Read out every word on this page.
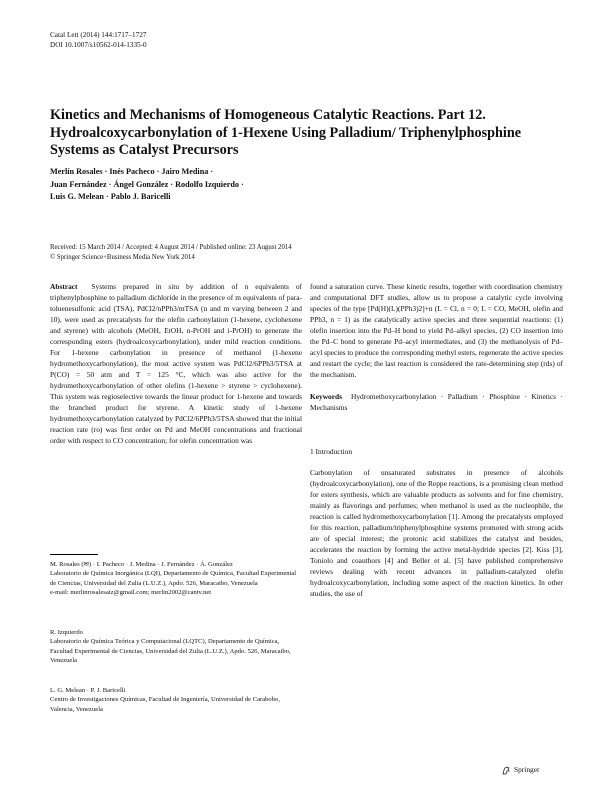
Catal Lett (2014) 144:1717–1727
DOI 10.1007/s10562-014-1335-0
Kinetics and Mechanisms of Homogeneous Catalytic Reactions. Part 12. Hydroalcoxycarbonylation of 1-Hexene Using Palladium/ Triphenylphosphine Systems as Catalyst Precursors
Merlín Rosales · Inés Pacheco · Jairo Medina ·
Juan Fernández · Ángel González · Rodolfo Izquierdo ·
Luis G. Melean · Pablo J. Baricelli
Received: 15 March 2014 / Accepted: 4 August 2014 / Published online: 23 August 2014
© Springer Science+Business Media New York 2014

Abstract Systems prepared in situ by addition of n equivalents of triphenylphosphine to palladium dichloride in the presence of m equivalents of para-toluenesulfonic acid (TSA), PdCl2/nPPh3/mTSA (n and m varying between 2 and 10), were used as precatalysts for the olefin carbonylation (1-hexene, cyclohexene and styrene) with alcohols (MeOH, EtOH, n-PrOH and i-PrOH) to generate the corresponding esters (hydroalcoxycarbonylation), under mild reaction conditions. For 1-hexene carbonylation in presence of methanol (1-hexene hydromethoxycarbonylation), the most active system was PdCl2/6PPh3/5TSA at P(CO) = 50 atm and T = 125 °C, which was also active for the hydromethoxycarbonylation of other olefins (1-hexene > styrene > cyclohexene). This system was regioselective towards the linear product for 1-hexene and towards the branched product for styrene. A kinetic study of 1-hexene hydromethoxycarbonylation catalyzed by PdCl2/6PPh3/5TSA showed that the initial reaction rate (ro) was first order on Pd and MeOH concentrations and fractional order with respect to CO concentration; for olefin concentration was

found a saturation curve. These kinetic results, together with coordination chemistry and computational DFT studies, allow us to propose a catalytic cycle involving species of the type [Pd(H)(L)(PPh3)2]+n (L = Cl, n = 0; L = CO, MeOH, olefin and PPh3, n = 1) as the catalytically active species and three sequential reactions: (1) olefin insertion into the Pd–H bond to yield Pd–alkyl species, (2) CO insertion into the Pd–C bond to generate Pd–acyl intermediates, and (3) the methanolysis of Pd–acyl species to produce the corresponding methyl esters, regenerate the active species and restart the cycle; the last reaction is considered the rate-determining step (rds) of the mechanism.

Keywords Hydromethoxycarbonylation · Palladium · Phosphine · Kinetics · Mechanisms

1 Introduction

Carbonylation of unsaturated substrates in presence of alcohols (hydroalcoxycarbonylation), one of the Reppe reactions, is a promising clean method for esters synthesis, which are valuable products as solvents and for fine chemistry, mainly as flavorings and perfumes; when methanol is used as the nucleophile, the reaction is called hydromethoxycarbonylation [1]. Among the precatalysts employed for this reaction, palladium/triphenylphosphine systems promoted with strong acids are of special interest; the protonic acid stabilizes the catalyst and besides, accelerates the reaction by forming the active metal-hydride species [2]. Kiss [3], Toniolo and coauthors [4] and Beller et al. [5] have published comprehensive reviews dealing with recent advances in palladium-catalyzed olefin hydroalcoxycarbonylation, including some aspect of the reaction kinetics. In other studies, the use of

M. Rosales (✉) · I. Pacheco · J. Medina · J. Fernández · Á. González

Laboratorio de Química Inorgánica (LQI), Departamento de Química, Facultad Experimental de Ciencias, Universidad del Zulia (L.U.Z.), Apdo. 526, Maracaibo, Venezuela

e-mail: merlinrosalesaiz@gmail.com; merlin2002@cantv.net

R. Izquierdo

Laboratorio de Química Teórica y Computacional (LQTC), Departamento de Química, Facultad Experimental de Ciencias, Universidad del Zulia (L.U.Z.), Apdo. 526, Maracaibo, Venezuela

L. G. Melean · P. J. Baricelli

Centro de Investigaciones Químicas, Facultad de Ingeniería, Universidad de Carabobo, Valencia, Venezuela

Springer
